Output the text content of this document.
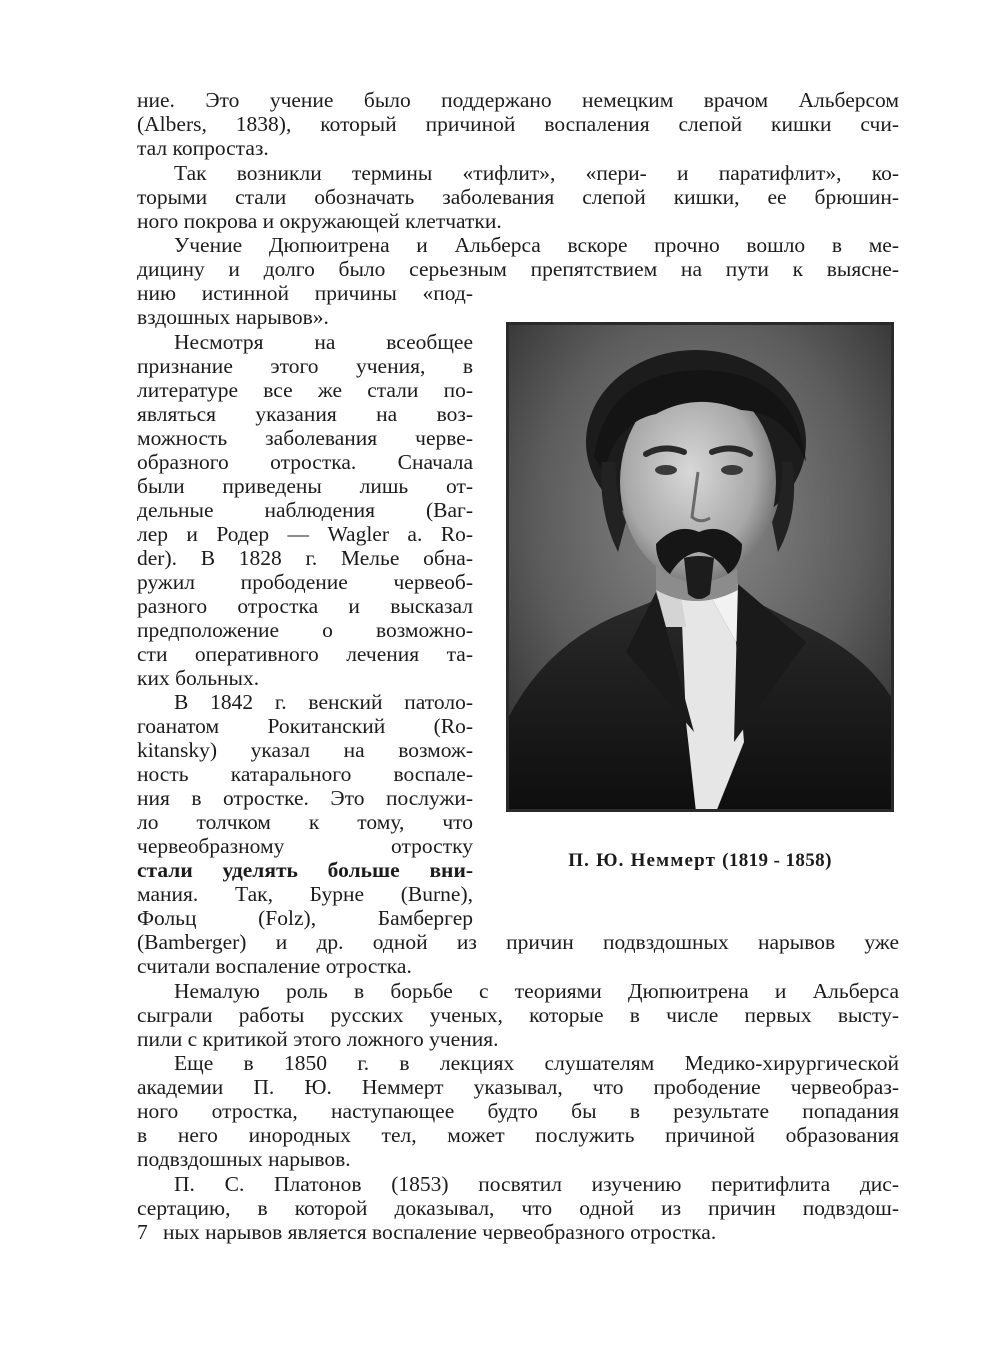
ние. Это учение было поддержано немецким врачом Альберсом
(Albers, 1838), который причиной воспаления слепой кишки счи-
тал копростаз.
Так возникли термины «тифлит», «пери- и паратифлит», ко-
торыми стали обозначать заболевания слепой кишки, ее брюшин-
ного покрова и окружающей клетчатки.
Учение Дюпюитрена и Альберса вскоре прочно вошло в ме-
дицину и долго было серьезным препятствием на пути к выясне-
нию истинной причины «под-
вздошных нарывов».
Несмотря на всеобщее
признание этого учения, в
литературе все же стали по-
являться указания на воз-
можность заболевания черве-
образного отростка. Сначала
были приведены лишь от-
дельные наблюдения (Ваг-
лер и Родер — Wagler a. Ro-
der). В 1828 г. Мелье обна-
ружил прободение червеоб-
разного отростка и высказал
предположение о возможно-
сти оперативного лечения та-
ких больных.
В 1842 г. венский патоло-
гоанатом Рокитанский (Ro-
kitansky) указал на возмож-
ность катарального воспале-
ния в отростке. Это послужи-
ло толчком к тому, что
червеобразному отростку
стали уделять больше вни-
мания. Так, Бурне (Burne),
Фольц (Folz), Бамбергер
(Bamberger) и др. одной из причин подвздошных нарывов уже
считали воспаление отростка.
Немалую роль в борьбе с теориями Дюпюитрена и Альберса
сыграли работы русских ученых, которые в числе первых высту-
пили с критикой этого ложного учения.
Еще в 1850 г. в лекциях слушателям Медико-хирургической
академии П. Ю. Неммерт указывал, что прободение червеобраз-
ного отростка, наступающее будто бы в результате попадания
в него инородных тел, может послужить причиной образования
подвздошных нарывов.
П. С. Платонов (1853) посвятил изучению перитифлита дис-
сертацию, в которой доказывал, что одной из причин подвздош-
ных нарывов является воспаление червеобразного отростка.
7
П. Ю. Неммерт (1819 - 1858)
